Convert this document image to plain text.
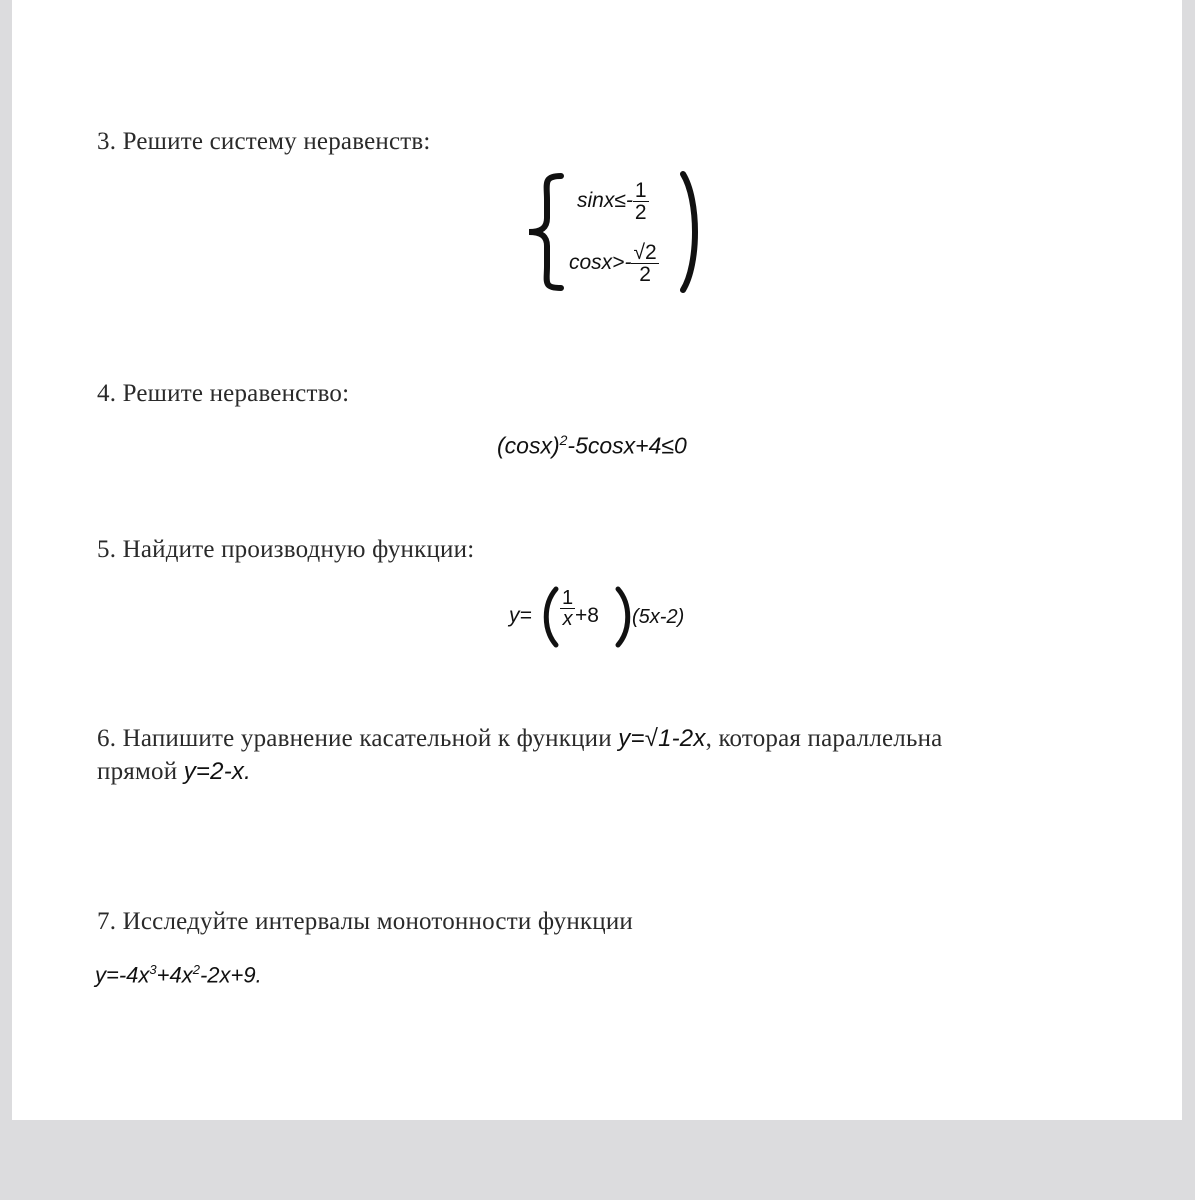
3. Решите систему неравенств:
$\sin x\le- \frac{1}{2}$
$\cos x>- \frac{√2}{2}$
4. Решите неравенство:
$(\cos x)^2-5\cos x+4\le 0$
5. Найдите производную функции:
$y= \frac{1}{x} +8$ (5x-2)
6. Напишите уравнение касательной к функции y=√1-2x, которая параллельна
прямой y=2-x.
7. Исследуйте интервалы монотонности функции
$y=-4x^3+4x^2-2x+9$.
